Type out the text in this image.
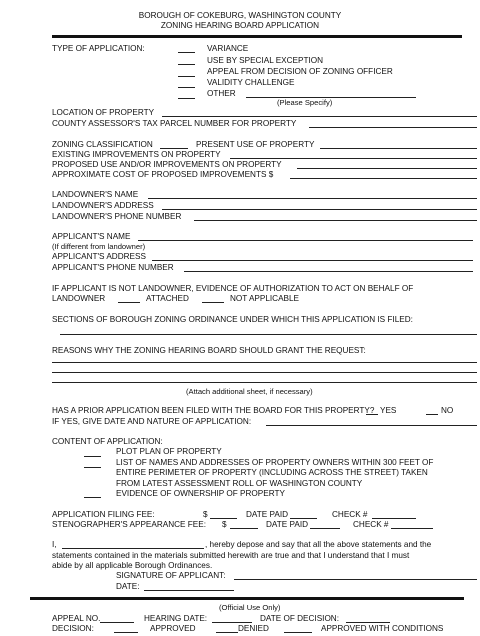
BOROUGH OF COKEBURG, WASHINGTON COUNTY
ZONING HEARING BOARD APPLICATION
TYPE OF APPLICATION:	VARIANCE
USE BY SPECIAL EXCEPTION
APPEAL FROM DECISION OF ZONING OFFICER
VALIDITY CHALLENGE
OTHER
(Please Specify)
LOCATION OF PROPERTY
COUNTY ASSESSOR'S TAX PARCEL NUMBER FOR PROPERTY
ZONING CLASSIFICATION	PRESENT USE OF PROPERTY
EXISTING IMPROVEMENTS ON PROPERTY
PROPOSED USE AND/OR IMPROVEMENTS ON PROPERTY
APPROXIMATE COST OF PROPOSED IMPROVEMENTS $
LANDOWNER'S NAME
LANDOWNER'S ADDRESS
LANDOWNER'S PHONE NUMBER
APPLICANT'S NAME
(If different from landowner)
APPLICANT'S ADDRESS
APPLICANT'S PHONE NUMBER
IF APPLICANT IS NOT LANDOWNER, EVIDENCE OF AUTHORIZATION TO ACT ON BEHALF OF
LANDOWNER	ATTACHED	NOT APPLICABLE
SECTIONS OF BOROUGH ZONING ORDINANCE UNDER WHICH THIS APPLICATION IS FILED:
REASONS WHY THE ZONING HEARING BOARD SHOULD GRANT THE REQUEST:
(Attach additional sheet, if necessary)
HAS A PRIOR APPLICATION BEEN FILED WITH THE BOARD FOR THIS PROPERTY? YES	NO
IF YES, GIVE DATE AND NATURE OF APPLICATION:
CONTENT OF APPLICATION:
PLOT PLAN OF PROPERTY
LIST OF NAMES AND ADDRESSES OF PROPERTY OWNERS WITHIN 300 FEET OF
ENTIRE PERIMETER OF PROPERTY (INCLUDING ACROSS THE STREET) TAKEN
FROM LATEST ASSESSMENT ROLL OF WASHINGTON COUNTY
EVIDENCE OF OWNERSHIP OF PROPERTY
APPLICATION FILING FEE:	$	DATE PAID	CHECK #
STENOGRAPHER'S APPEARANCE FEE: $	DATE PAID	CHECK #
I,	, hereby depose and say that all the above statements and the
statements contained in the materials submitted herewith are true and that I understand that I must
abide by all applicable Borough Ordinances.
SIGNATURE OF APPLICANT:
DATE:
(Official Use Only)
APPEAL NO.	HEARING DATE:	DATE OF DECISION:
DECISION:	APPROVED	DENIED	APPROVED WITH CONDITIONS
